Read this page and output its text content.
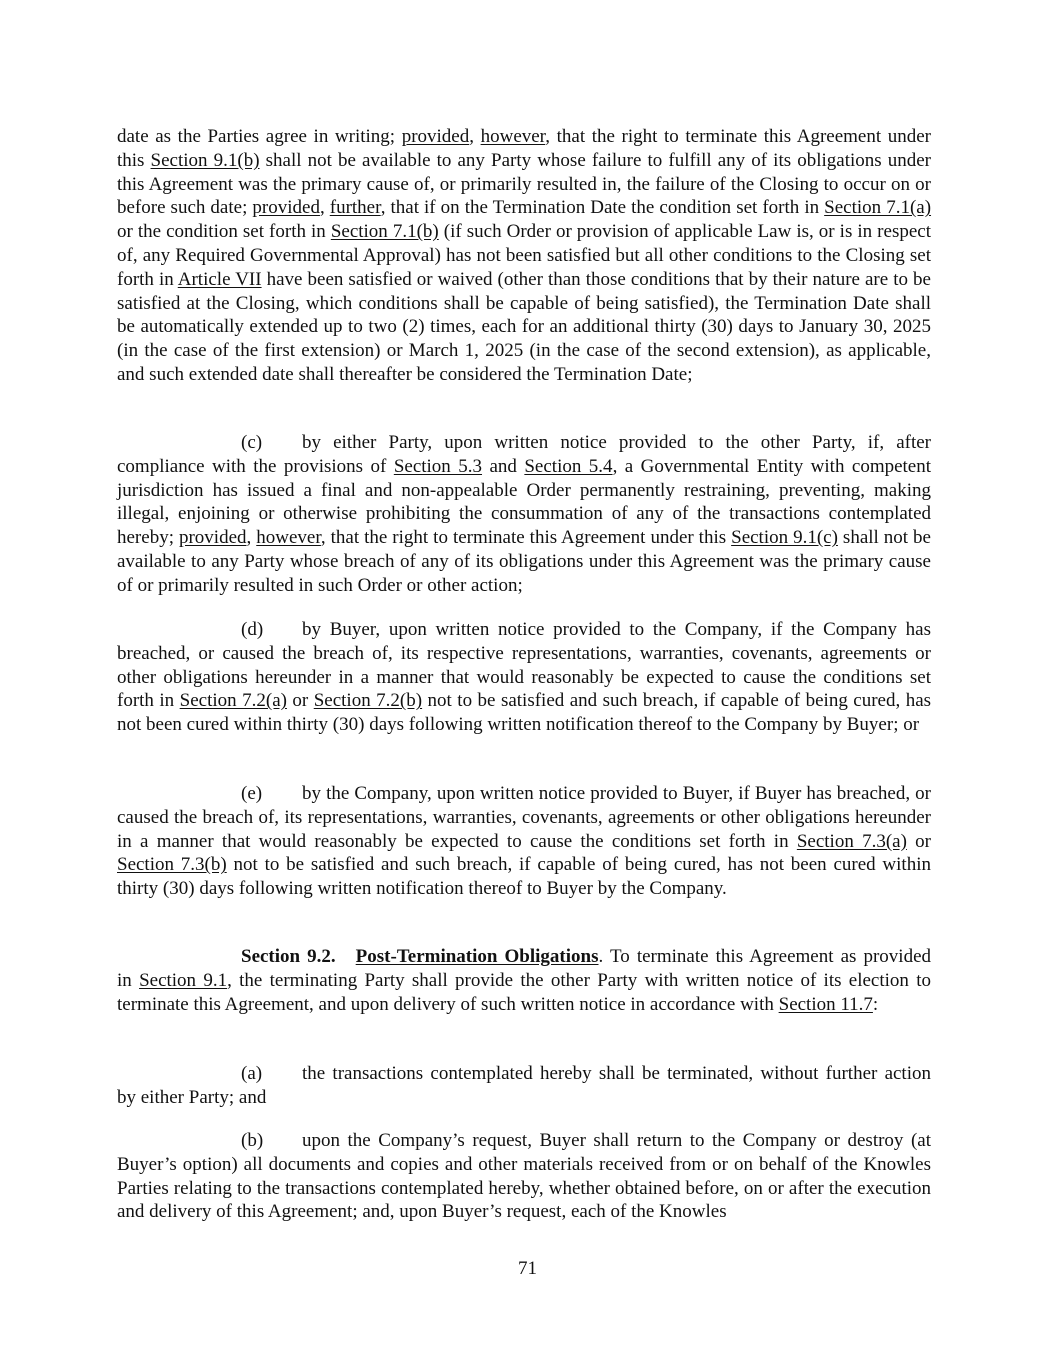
date as the Parties agree in writing; provided, however, that the right to terminate this Agreement under this Section 9.1(b) shall not be available to any Party whose failure to fulfill any of its obligations under this Agreement was the primary cause of, or primarily resulted in, the failure of the Closing to occur on or before such date; provided, further, that if on the Termination Date the condition set forth in Section 7.1(a) or the condition set forth in Section 7.1(b) (if such Order or provision of applicable Law is, or is in respect of, any Required Governmental Approval) has not been satisfied but all other conditions to the Closing set forth in Article VII have been satisfied or waived (other than those conditions that by their nature are to be satisfied at the Closing, which conditions shall be capable of being satisfied), the Termination Date shall be automatically extended up to two (2) times, each for an additional thirty (30) days to January 30, 2025 (in the case of the first extension) or March 1, 2025 (in the case of the second extension), as applicable, and such extended date shall thereafter be considered the Termination Date;

(c) by either Party, upon written notice provided to the other Party, if, after compliance with the provisions of Section 5.3 and Section 5.4, a Governmental Entity with competent jurisdiction has issued a final and non-appealable Order permanently restraining, preventing, making illegal, enjoining or otherwise prohibiting the consummation of any of the transactions contemplated hereby; provided, however, that the right to terminate this Agreement under this Section 9.1(c) shall not be available to any Party whose breach of any of its obligations under this Agreement was the primary cause of or primarily resulted in such Order or other action;

(d) by Buyer, upon written notice provided to the Company, if the Company has breached, or caused the breach of, its respective representations, warranties, covenants, agreements or other obligations hereunder in a manner that would reasonably be expected to cause the conditions set forth in Section 7.2(a) or Section 7.2(b) not to be satisfied and such breach, if capable of being cured, has not been cured within thirty (30) days following written notification thereof to the Company by Buyer; or

(e) by the Company, upon written notice provided to Buyer, if Buyer has breached, or caused the breach of, its representations, warranties, covenants, agreements or other obligations hereunder in a manner that would reasonably be expected to cause the conditions set forth in Section 7.3(a) or Section 7.3(b) not to be satisfied and such breach, if capable of being cured, has not been cured within thirty (30) days following written notification thereof to Buyer by the Company.

Section 9.2. Post-Termination Obligations. To terminate this Agreement as provided in Section 9.1, the terminating Party shall provide the other Party with written notice of its election to terminate this Agreement, and upon delivery of such written notice in accordance with Section 11.7:

(a) the transactions contemplated hereby shall be terminated, without further action by either Party; and

(b) upon the Company’s request, Buyer shall return to the Company or destroy (at Buyer’s option) all documents and copies and other materials received from or on behalf of the Knowles Parties relating to the transactions contemplated hereby, whether obtained before, on or after the execution and delivery of this Agreement; and, upon Buyer’s request, each of the Knowles

71
